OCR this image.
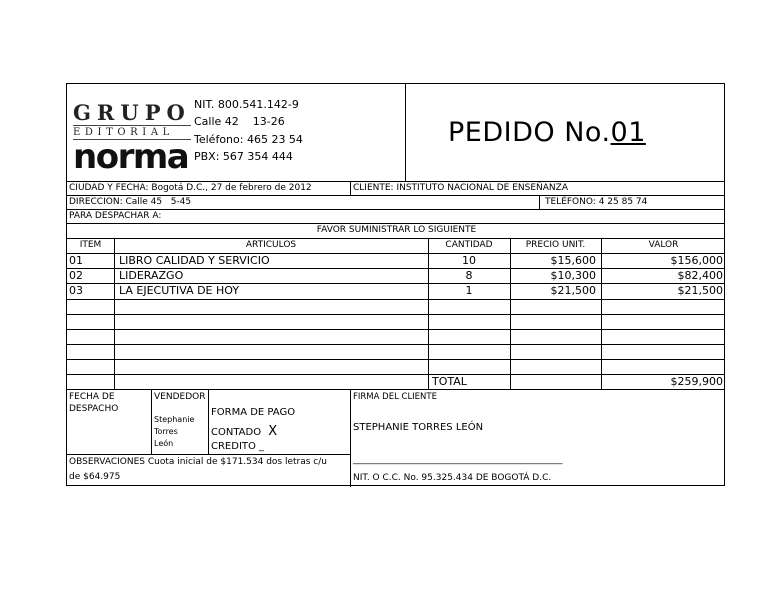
GRUPO
EDITORIAL
norma
NIT. 800.541.142-9
Calle 42    13-26
Teléfono: 465 23 54
PBX: 567 354 444
PEDIDO No.01
CIUDAD Y FECHA: Bogotá D.C., 27 de febrero de 2012	CLIENTE: INSTITUTO NACIONAL DE ENSEÑANZA
DIRECCION: Calle 45   5-45	TELÉFONO: 4 25 85 74
PARA DESPACHAR A:
FAVOR SUMINISTRAR LO SIGUIENTE
ITEM	ARTICULOS	CANTIDAD	PRECIO UNIT.	VALOR
01	LIBRO CALIDAD Y SERVICIO	10	$15,600	$156,000
02	LIDERAZGO	8	$10,300	$82,400
03	LA EJECUTIVA DE HOY	1	$21,500	$21,500
TOTAL	$259,900
FECHA DE
DESPACHO
VENDEDOR
Stephanie
Torres
León
FORMA DE PAGO
CONTADO X
CREDITO _
FIRMA DEL CLIENTE
STEPHANIE TORRES LEÓN
OBSERVACIONES Cuota inicial de $171.534 dos letras c/u
de $64.975
___________________________________________________
NIT. O C.C. No. 95.325.434 DE BOGOTÁ D.C.
